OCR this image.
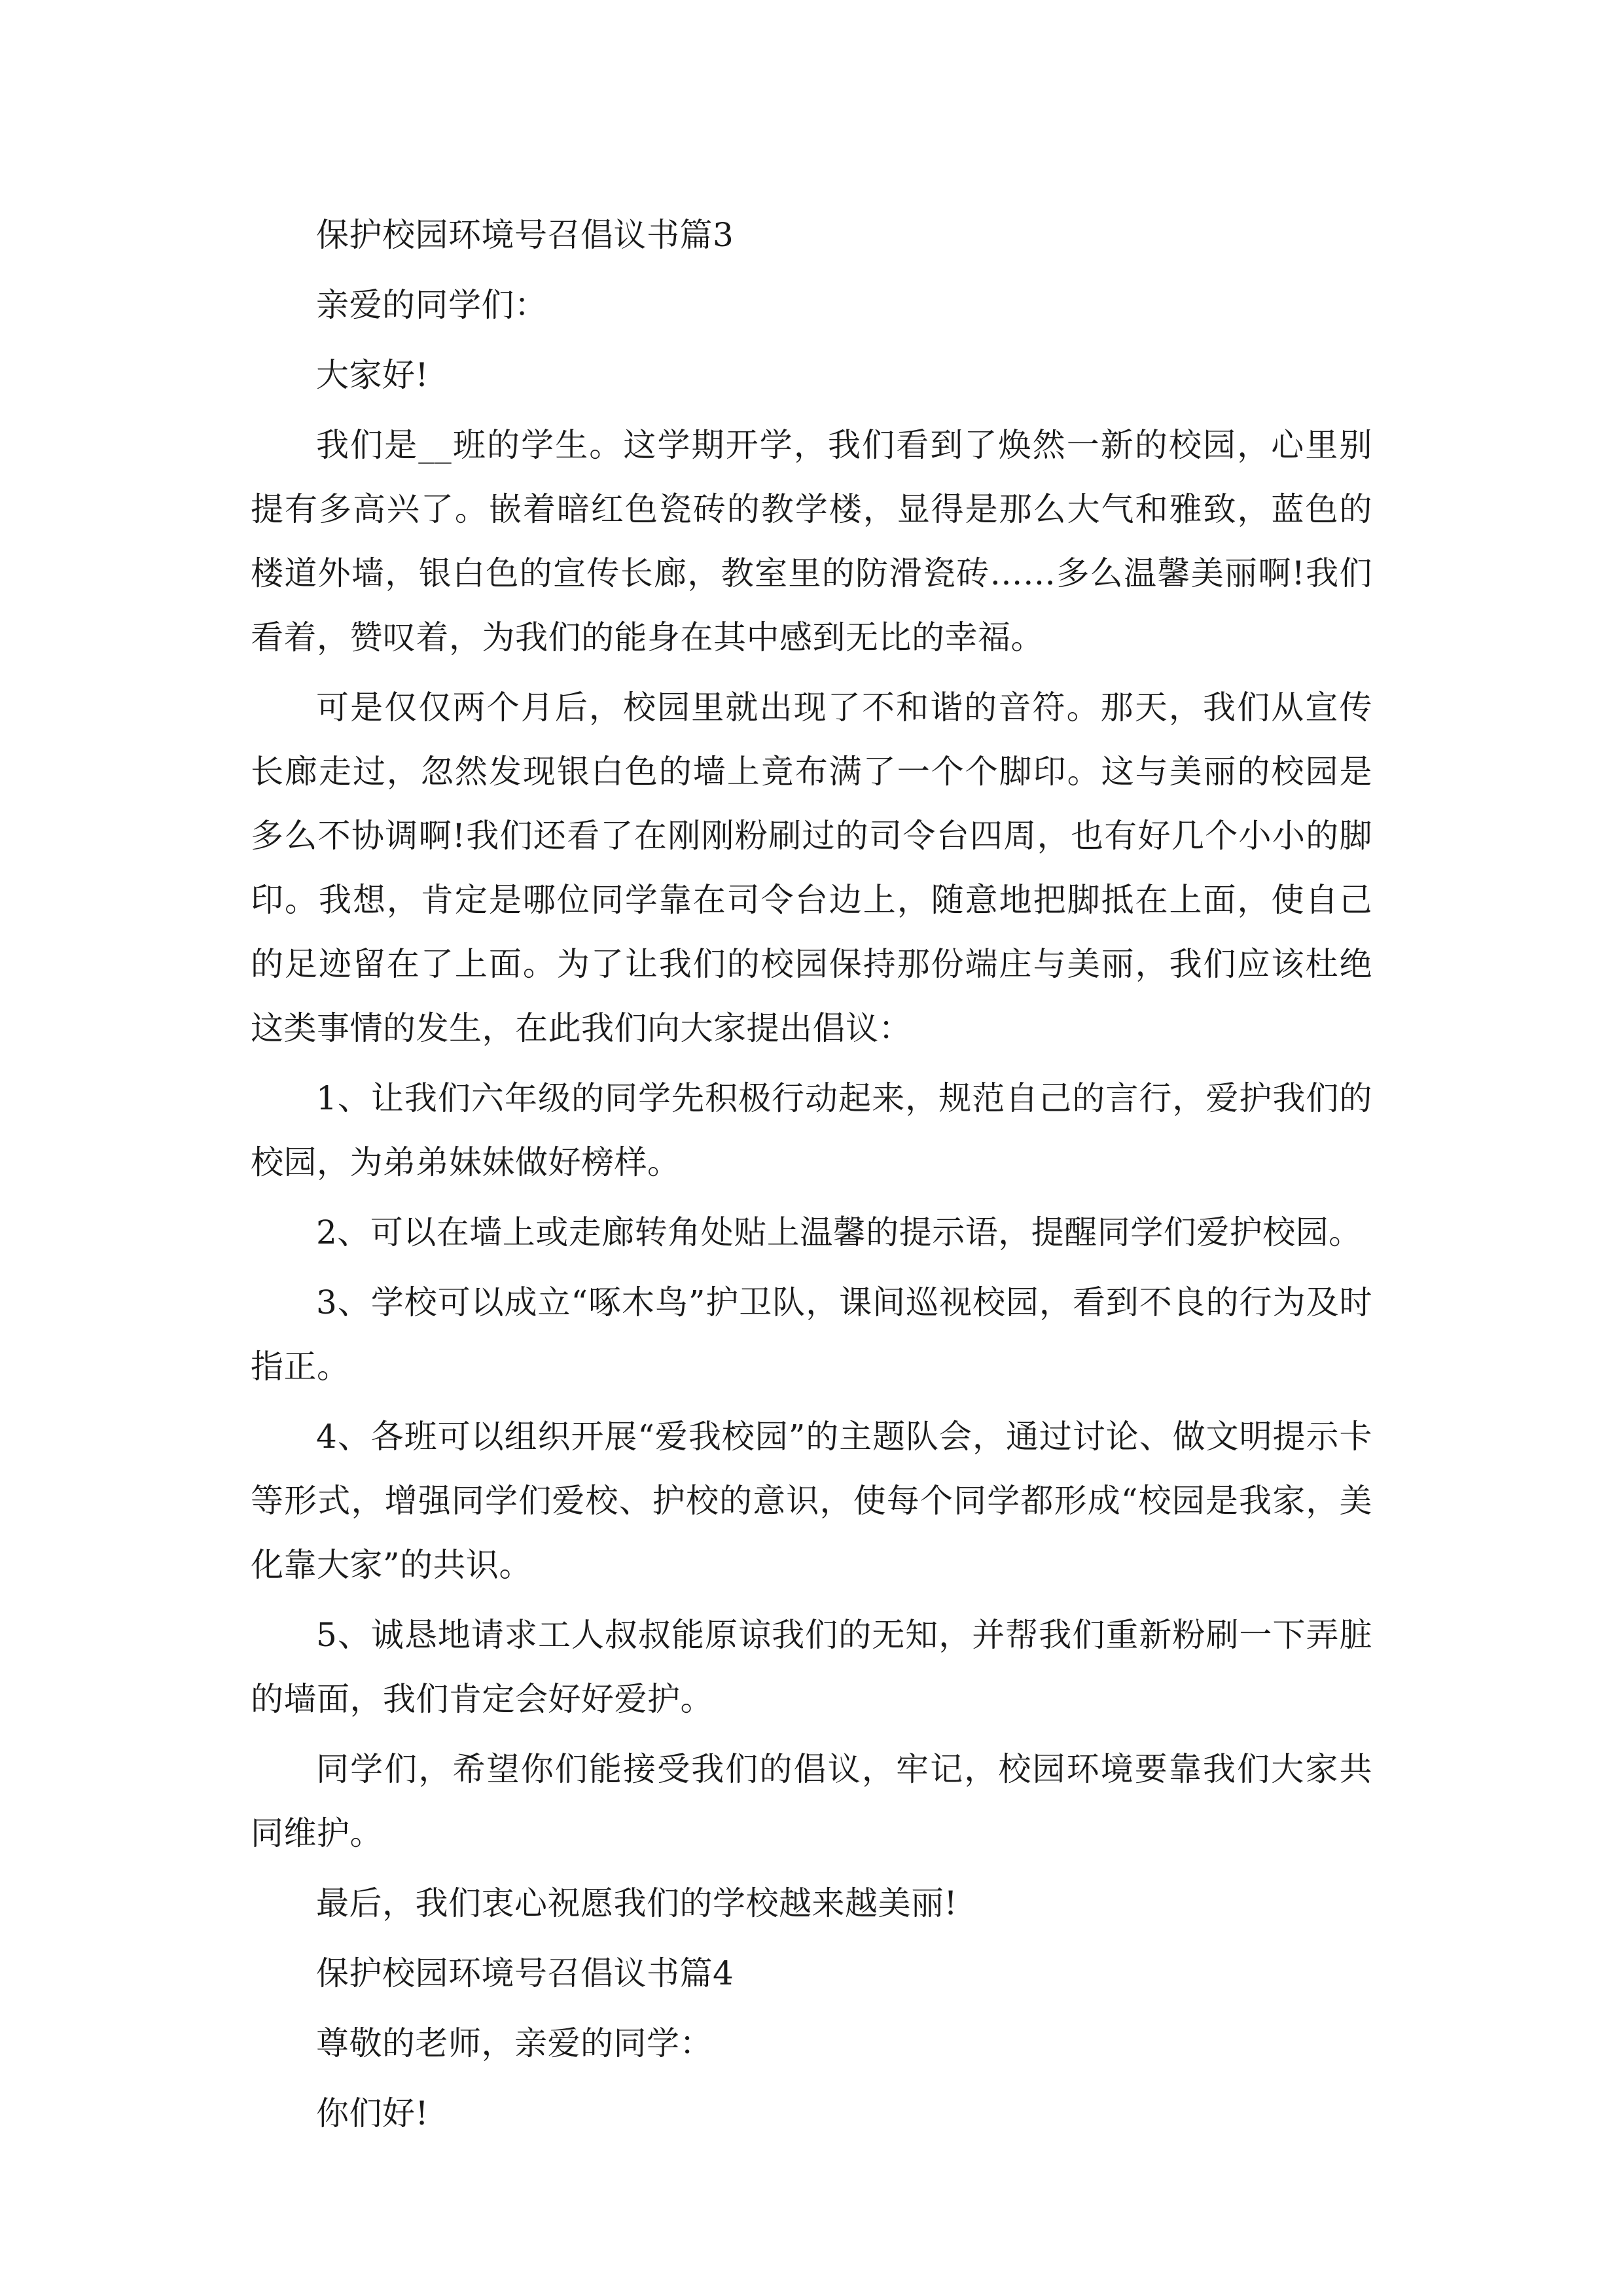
保护校园环境号召倡议书篇3

亲爱的同学们：

大家好!

我们是__班的学生。这学期开学，我们看到了焕然一新的校园，心里别提有多高兴了。嵌着暗红色瓷砖的教学楼，显得是那么大气和雅致，蓝色的楼道外墙，银白色的宣传长廊，教室里的防滑瓷砖……多么温馨美丽啊!我们看着，赞叹着，为我们的能身在其中感到无比的幸福。

可是仅仅两个月后，校园里就出现了不和谐的音符。那天，我们从宣传长廊走过，忽然发现银白色的墙上竟布满了一个个脚印。这与美丽的校园是多么不协调啊!我们还看了在刚刚粉刷过的司令台四周，也有好几个小小的脚印。我想，肯定是哪位同学靠在司令台边上，随意地把脚抵在上面，使自己的足迹留在了上面。为了让我们的校园保持那份端庄与美丽，我们应该杜绝这类事情的发生，在此我们向大家提出倡议：

1、让我们六年级的同学先积极行动起来，规范自己的言行，爱护我们的校园，为弟弟妹妹做好榜样。

2、可以在墙上或走廊转角处贴上温馨的提示语，提醒同学们爱护校园。

3、学校可以成立“啄木鸟”护卫队，课间巡视校园，看到不良的行为及时指正。

4、各班可以组织开展“爱我校园”的主题队会，通过讨论、做文明提示卡等形式，增强同学们爱校、护校的意识，使每个同学都形成“校园是我家，美化靠大家”的共识。

5、诚恳地请求工人叔叔能原谅我们的无知，并帮我们重新粉刷一下弄脏的墙面，我们肯定会好好爱护。

同学们，希望你们能接受我们的倡议，牢记，校园环境要靠我们大家共同维护。

最后，我们衷心祝愿我们的学校越来越美丽!

保护校园环境号召倡议书篇4

尊敬的老师，亲爱的同学：

你们好!
